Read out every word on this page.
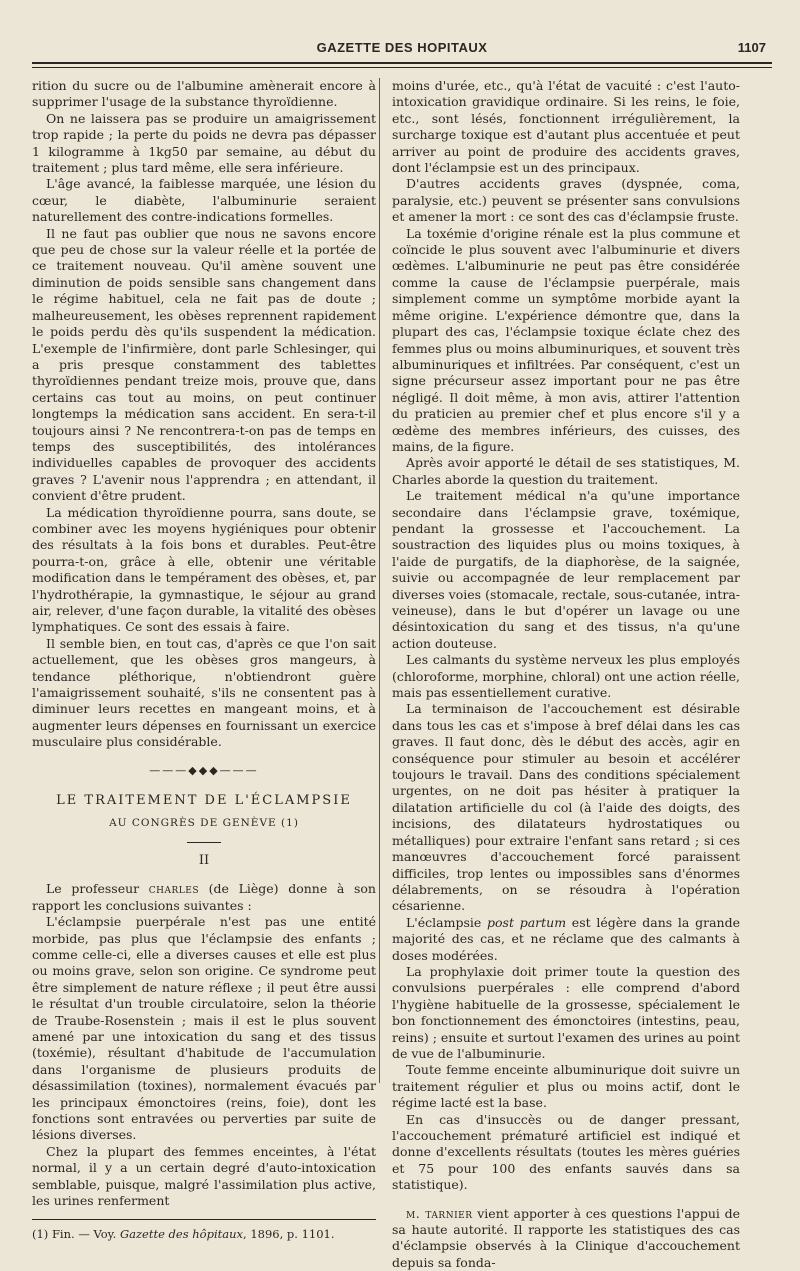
GAZETTE DES HOPITAUX	1107

rition du sucre ou de l'albumine amènerait encore à supprimer l'usage de la substance thyroïdienne.

On ne laissera pas se produire un amaigrissement trop rapide ; la perte du poids ne devra pas dépasser 1 kilogramme à 1kg50 par semaine, au début du traitement ; plus tard même, elle sera inférieure.

L'âge avancé, la faiblesse marquée, une lésion du cœur, le diabète, l'albuminurie seraient naturellement des contre-indications formelles.

Il ne faut pas oublier que nous ne savons encore que peu de chose sur la valeur réelle et la portée de ce traitement nouveau. Qu'il amène souvent une diminution de poids sensible sans changement dans le régime habituel, cela ne fait pas de doute ; malheureusement, les obèses reprennent rapidement le poids perdu dès qu'ils suspendent la médication. L'exemple de l'infirmière, dont parle Schlesinger, qui a pris presque constamment des tablettes thyroïdiennes pendant treize mois, prouve que, dans certains cas tout au moins, on peut continuer longtemps la médication sans accident. En sera-t-il toujours ainsi ? Ne rencontrera-t-on pas de temps en temps des susceptibilités, des intolérances individuelles capables de provoquer des accidents graves ? L'avenir nous l'apprendra ; en attendant, il convient d'être prudent.

La médication thyroïdienne pourra, sans doute, se combiner avec les moyens hygiéniques pour obtenir des résultats à la fois bons et durables. Peut-être pourra-t-on, grâce à elle, obtenir une véritable modification dans le tempérament des obèses, et, par l'hydrothérapie, la gymnastique, le séjour au grand air, relever, d'une façon durable, la vitalité des obèses lymphatiques. Ce sont des essais à faire.

Il semble bien, en tout cas, d'après ce que l'on sait actuellement, que les obèses gros mangeurs, à tendance pléthorique, n'obtiendront guère l'amaigrissement souhaité, s'ils ne consentent pas à diminuer leurs recettes en mangeant moins, et à augmenter leurs dépenses en fournissant un exercice musculaire plus considérable.

———◆◆◆———
LE TRAITEMENT DE L'ÉCLAMPSIE
AU CONGRÈS DE GENÈVE (1)
II

Le professeur charles (de Liège) donne à son rapport les conclusions suivantes :

L'éclampsie puerpérale n'est pas une entité morbide, pas plus que l'éclampsie des enfants ; comme celle-ci, elle a diverses causes et elle est plus ou moins grave, selon son origine. Ce syndrome peut être simplement de nature réflexe ; il peut être aussi le résultat d'un trouble circulatoire, selon la théorie de Traube-Rosenstein ; mais il est le plus souvent amené par une intoxication du sang et des tissus (toxémie), résultant d'habitude de l'accumulation dans l'organisme de plusieurs produits de désassimilation (toxines), normalement évacués par les principaux émonctoires (reins, foie), dont les fonctions sont entravées ou perverties par suite de lésions diverses.

Chez la plupart des femmes enceintes, à l'état normal, il y a un certain degré d'auto-intoxication semblable, puisque, malgré l'assimilation plus active, les urines renferment

(1) Fin. — Voy. Gazette des hôpitaux, 1896, p. 1101.

moins d'urée, etc., qu'à l'état de vacuité : c'est l'auto-intoxication gravidique ordinaire. Si les reins, le foie, etc., sont lésés, fonctionnent irrégulièrement, la surcharge toxique est d'autant plus accentuée et peut arriver au point de produire des accidents graves, dont l'éclampsie est un des principaux.

D'autres accidents graves (dyspnée, coma, paralysie, etc.) peuvent se présenter sans convulsions et amener la mort : ce sont des cas d'éclampsie fruste.

La toxémie d'origine rénale est la plus commune et coïncide le plus souvent avec l'albuminurie et divers œdèmes. L'albuminurie ne peut pas être considérée comme la cause de l'éclampsie puerpérale, mais simplement comme un symptôme morbide ayant la même origine. L'expérience démontre que, dans la plupart des cas, l'éclampsie toxique éclate chez des femmes plus ou moins albuminuriques, et souvent très albuminuriques et infiltrées. Par conséquent, c'est un signe précurseur assez important pour ne pas être négligé. Il doit même, à mon avis, attirer l'attention du praticien au premier chef et plus encore s'il y a œdème des membres inférieurs, des cuisses, des mains, de la figure.

Après avoir apporté le détail de ses statistiques, M. Charles aborde la question du traitement.

Le traitement médical n'a qu'une importance secondaire dans l'éclampsie grave, toxémique, pendant la grossesse et l'accouchement. La soustraction des liquides plus ou moins toxiques, à l'aide de purgatifs, de la diaphorèse, de la saignée, suivie ou accompagnée de leur remplacement par diverses voies (stomacale, rectale, sous-cutanée, intra-veineuse), dans le but d'opérer un lavage ou une désintoxication du sang et des tissus, n'a qu'une action douteuse.

Les calmants du système nerveux les plus employés (chloroforme, morphine, chloral) ont une action réelle, mais pas essentiellement curative.

La terminaison de l'accouchement est désirable dans tous les cas et s'impose à bref délai dans les cas graves. Il faut donc, dès le début des accès, agir en conséquence pour stimuler au besoin et accélérer toujours le travail. Dans des conditions spécialement urgentes, on ne doit pas hésiter à pratiquer la dilatation artificielle du col (à l'aide des doigts, des incisions, des dilatateurs hydrostatiques ou métalliques) pour extraire l'enfant sans retard ; si ces manœuvres d'accouchement forcé paraissent difficiles, trop lentes ou impossibles sans d'énormes délabrements, on se résoudra à l'opération césarienne.

L'éclampsie post partum est légère dans la grande majorité des cas, et ne réclame que des calmants à doses modérées.

La prophylaxie doit primer toute la question des convulsions puerpérales : elle comprend d'abord l'hygiène habituelle de la grossesse, spécialement le bon fonctionnement des émonctoires (intestins, peau, reins) ; ensuite et surtout l'examen des urines au point de vue de l'albuminurie.

Toute femme enceinte albuminurique doit suivre un traitement régulier et plus ou moins actif, dont le régime lacté est la base.

En cas d'insuccès ou de danger pressant, l'accouchement prématuré artificiel est indiqué et donne d'excellents résultats (toutes les mères guéries et 75 pour 100 des enfants sauvés dans sa statistique).

m. tarnier vient apporter à ces questions l'appui de sa haute autorité. Il rapporte les statistiques des cas d'éclampsie observés à la Clinique d'accouchement depuis sa fonda-
